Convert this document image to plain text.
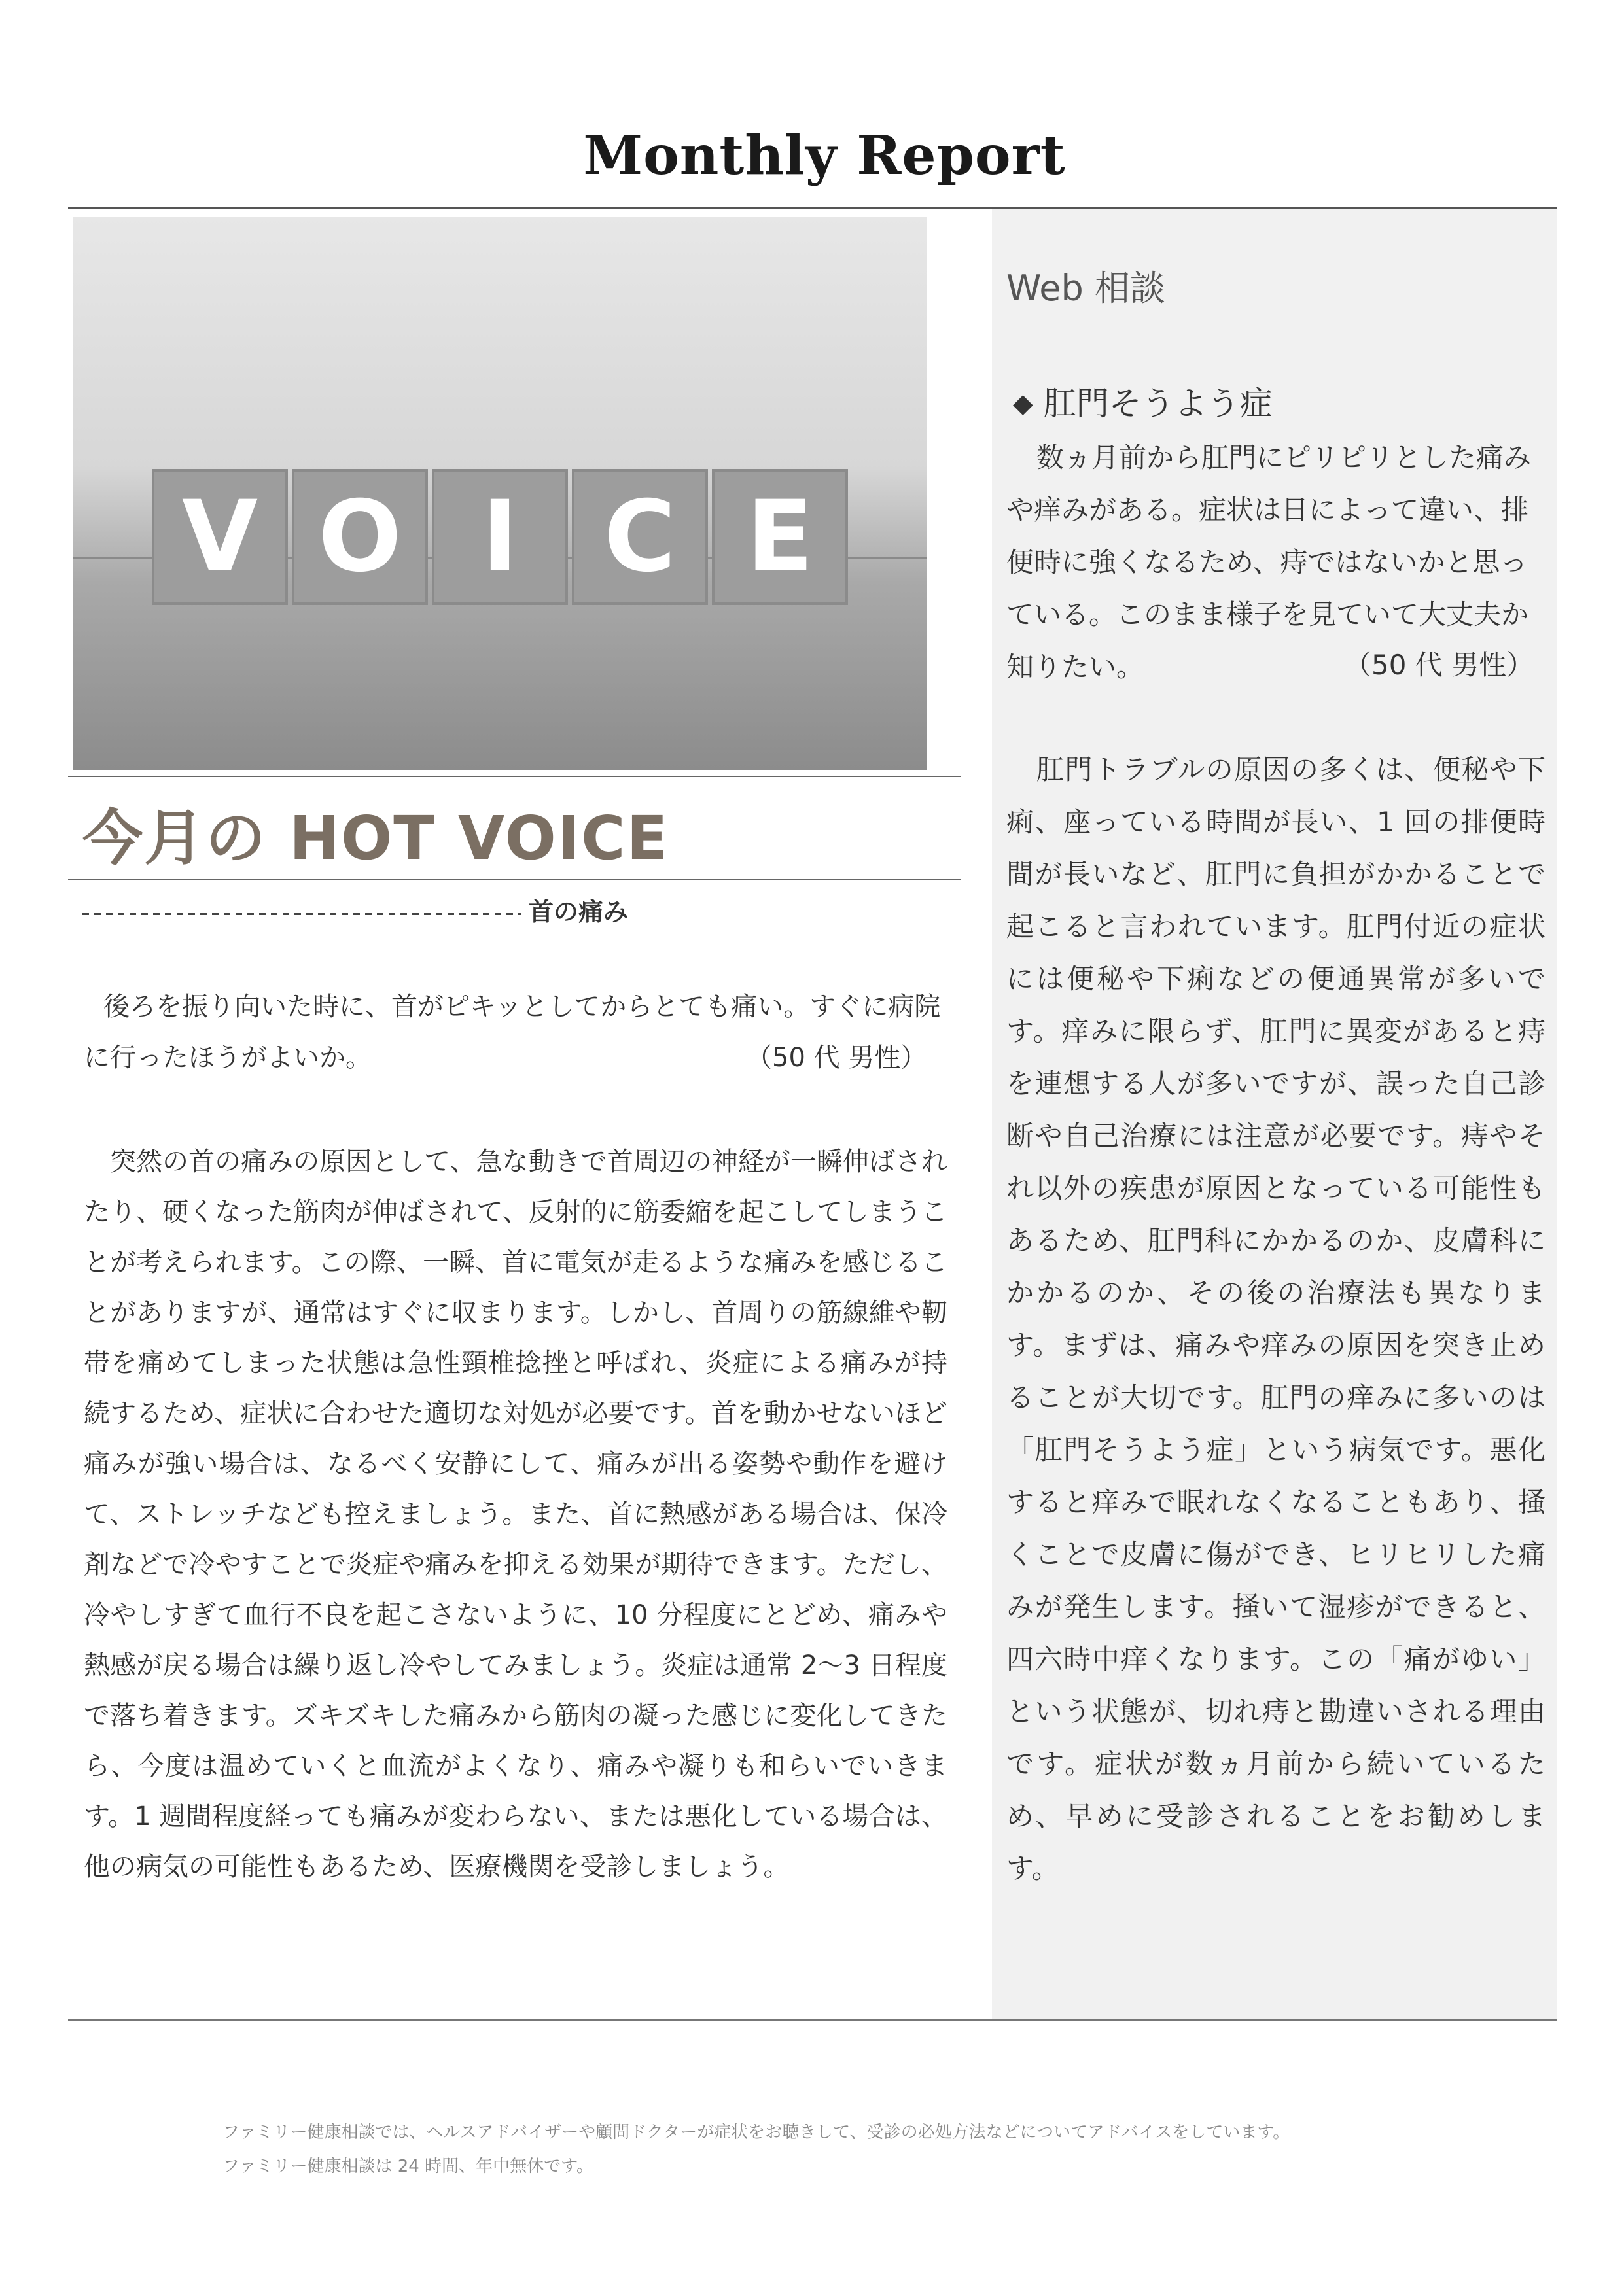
Monthly Report
V O I C E
今月の HOT VOICE
首の痛み

後ろを振り向いた時に、首がピキッとしてからとても痛い。すぐに病院に行ったほうがよいか。	（50 代 男性）

突然の首の痛みの原因として、急な動きで首周辺の神経が一瞬伸ばされたり、硬くなった筋肉が伸ばされて、反射的に筋委縮を起こしてしまうことが考えられます。この際、一瞬、首に電気が走るような痛みを感じることがありますが、通常はすぐに収まります。しかし、首周りの筋線維や靭帯を痛めてしまった状態は急性頸椎捻挫と呼ばれ、炎症による痛みが持続するため、症状に合わせた適切な対処が必要です。首を動かせないほど痛みが強い場合は、なるべく安静にして、痛みが出る姿勢や動作を避けて、ストレッチなども控えましょう。また、首に熱感がある場合は、保冷剤などで冷やすことで炎症や痛みを抑える効果が期待できます。ただし、冷やしすぎて血行不良を起こさないように、10 分程度にとどめ、痛みや熱感が戻る場合は繰り返し冷やしてみましょう。炎症は通常 2～3 日程度で落ち着きます。ズキズキした痛みから筋肉の凝った感じに変化してきたら、今度は温めていくと血流がよくなり、痛みや凝りも和らいでいきます。1 週間程度経っても痛みが変わらない、または悪化している場合は、他の病気の可能性もあるため、医療機関を受診しましょう。

Web 相談
◆ 肛門そうよう症

数ヵ月前から肛門にピリピリとした痛みや痒みがある。症状は日によって違い、排便時に強くなるため、痔ではないかと思っている。このまま様子を見ていて大丈夫か知りたい。	（50 代 男性）

肛門トラブルの原因の多くは、便秘や下痢、座っている時間が長い、1 回の排便時間が長いなど、肛門に負担がかかることで起こると言われています。肛門付近の症状には便秘や下痢などの便通異常が多いです。痒みに限らず、肛門に異変があると痔を連想する人が多いですが、誤った自己診断や自己治療には注意が必要です。痔やそれ以外の疾患が原因となっている可能性もあるため、肛門科にかかるのか、皮膚科にかかるのか、その後の治療法も異なります。まずは、痛みや痒みの原因を突き止めることが大切です。肛門の痒みに多いのは「肛門そうよう症」という病気です。悪化すると痒みで眠れなくなることもあり、掻くことで皮膚に傷ができ、ヒリヒリした痛みが発生します。掻いて湿疹ができると、四六時中痒くなります。この「痛がゆい」という状態が、切れ痔と勘違いされる理由です。症状が数ヵ月前から続いているため、早めに受診されることをお勧めします。

ファミリー健康相談では、ヘルスアドバイザーや顧問ドクターが症状をお聴きして、受診の必処方法などについてアドバイスをしています。

ファミリー健康相談は 24 時間、年中無休です。
